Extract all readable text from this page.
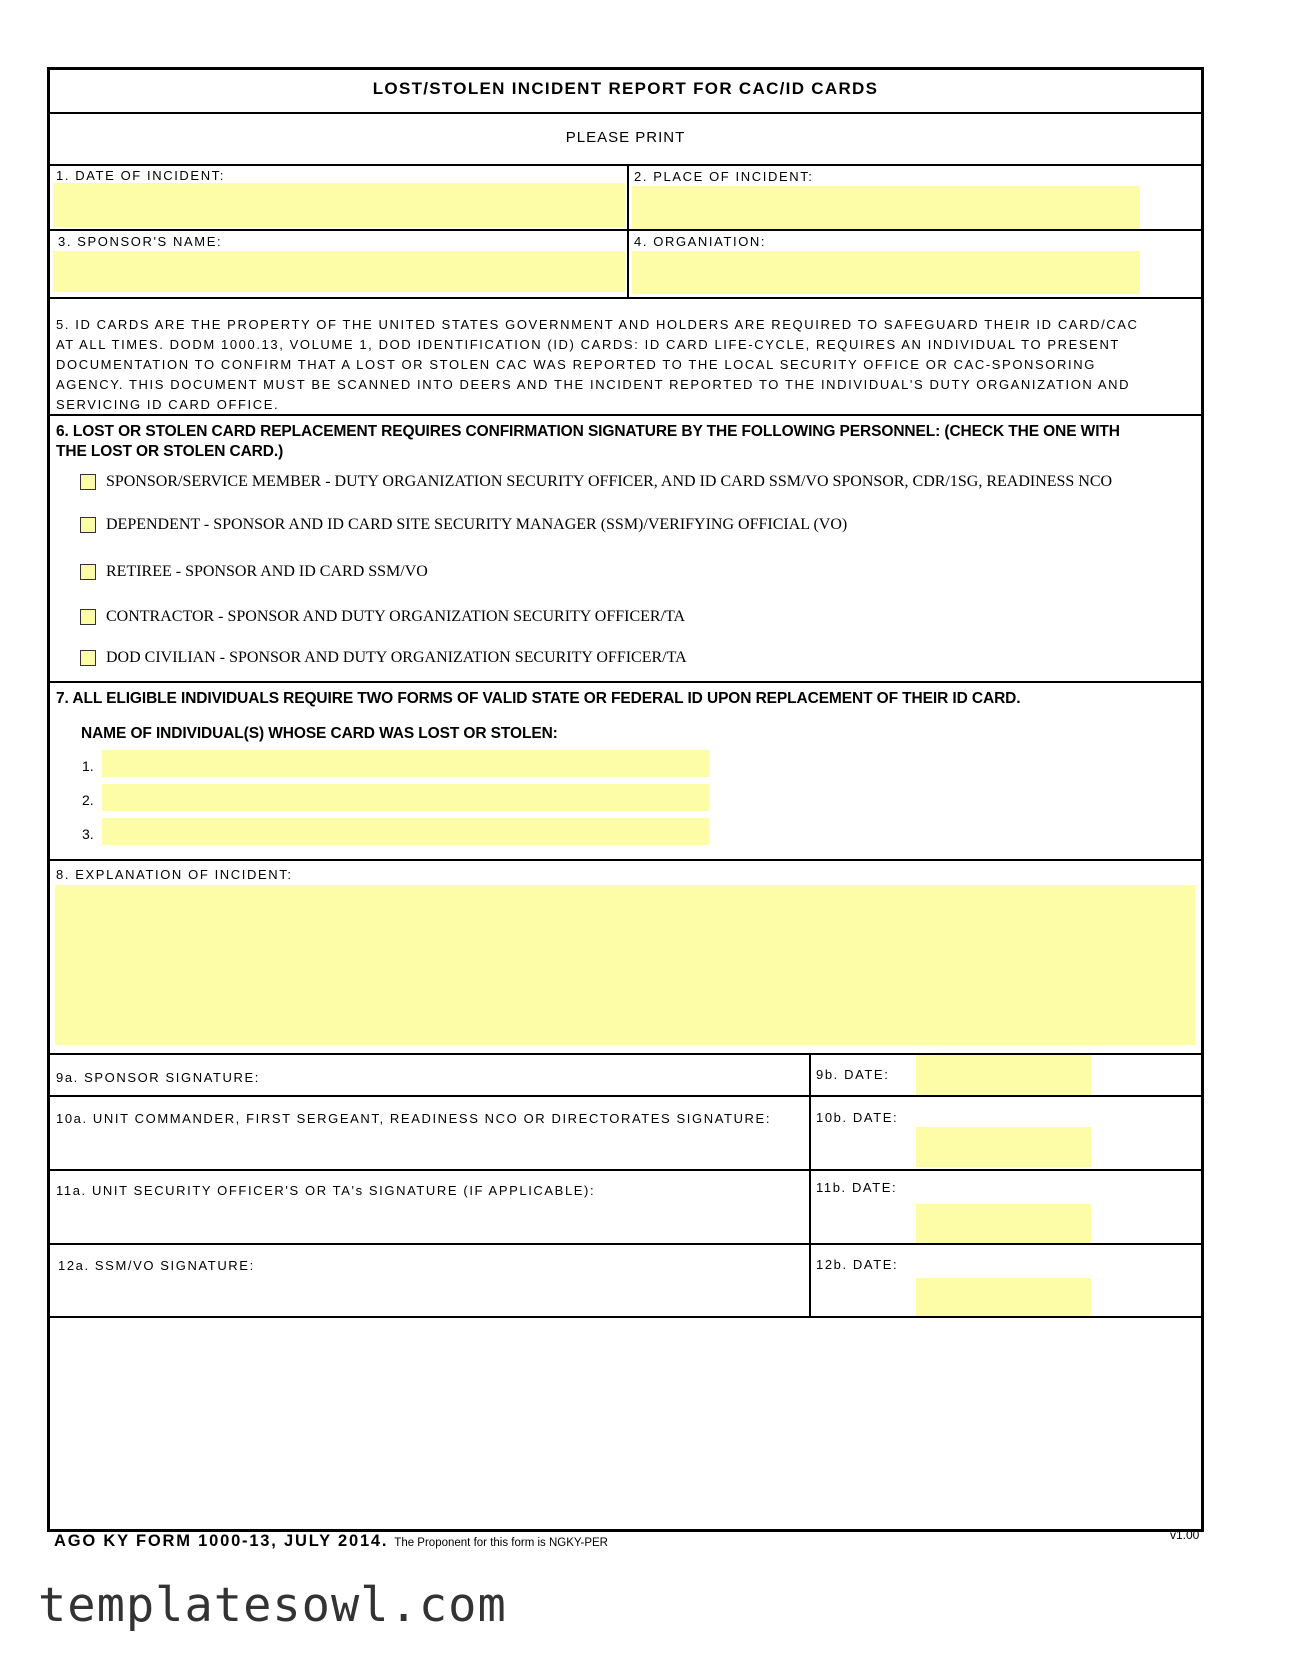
LOST/STOLEN INCIDENT REPORT FOR CAC/ID CARDS
PLEASE PRINT
1. DATE OF INCIDENT:	2. PLACE OF INCIDENT:
3. SPONSOR'S NAME:	4. ORGANIATION:
5. ID CARDS ARE THE PROPERTY OF THE UNITED STATES GOVERNMENT AND HOLDERS ARE REQUIRED TO SAFEGUARD THEIR ID CARD/CAC
AT ALL TIMES. DODM 1000.13, VOLUME 1, DOD IDENTIFICATION (ID) CARDS: ID CARD LIFE-CYCLE, REQUIRES AN INDIVIDUAL TO PRESENT
DOCUMENTATION TO CONFIRM THAT A LOST OR STOLEN CAC WAS REPORTED TO THE LOCAL SECURITY OFFICE OR CAC-SPONSORING
AGENCY. THIS DOCUMENT MUST BE SCANNED INTO DEERS AND THE INCIDENT REPORTED TO THE INDIVIDUAL'S DUTY ORGANIZATION AND
SERVICING ID CARD OFFICE.
6. LOST OR STOLEN CARD REPLACEMENT REQUIRES CONFIRMATION SIGNATURE BY THE FOLLOWING PERSONNEL: (CHECK THE ONE WITH
THE LOST OR STOLEN CARD.)
SPONSOR/SERVICE MEMBER - DUTY ORGANIZATION SECURITY OFFICER, AND ID CARD SSM/VO SPONSOR, CDR/1SG, READINESS NCO
DEPENDENT - SPONSOR AND ID CARD SITE SECURITY MANAGER (SSM)/VERIFYING OFFICIAL (VO)
RETIREE - SPONSOR AND ID CARD SSM/VO
CONTRACTOR - SPONSOR AND DUTY ORGANIZATION SECURITY OFFICER/TA
DOD CIVILIAN - SPONSOR AND DUTY ORGANIZATION SECURITY OFFICER/TA
7. ALL ELIGIBLE INDIVIDUALS REQUIRE TWO FORMS OF VALID STATE OR FEDERAL ID UPON REPLACEMENT OF THEIR ID CARD.
NAME OF INDIVIDUAL(S) WHOSE CARD WAS LOST OR STOLEN:
1.
2.
3.
8. EXPLANATION OF INCIDENT:
9a. SPONSOR SIGNATURE:	9b. DATE:
10a. UNIT COMMANDER, FIRST SERGEANT, READINESS NCO OR DIRECTORATES SIGNATURE:	10b. DATE:
11a. UNIT SECURITY OFFICER'S OR TA's SIGNATURE (IF APPLICABLE):	11b. DATE:
12a. SSM/VO SIGNATURE:	12b. DATE:
AGO KY FORM 1000-13, JULY 2014. The Proponent for this form is NGKY-PER
v1.00
templatesowl.com
